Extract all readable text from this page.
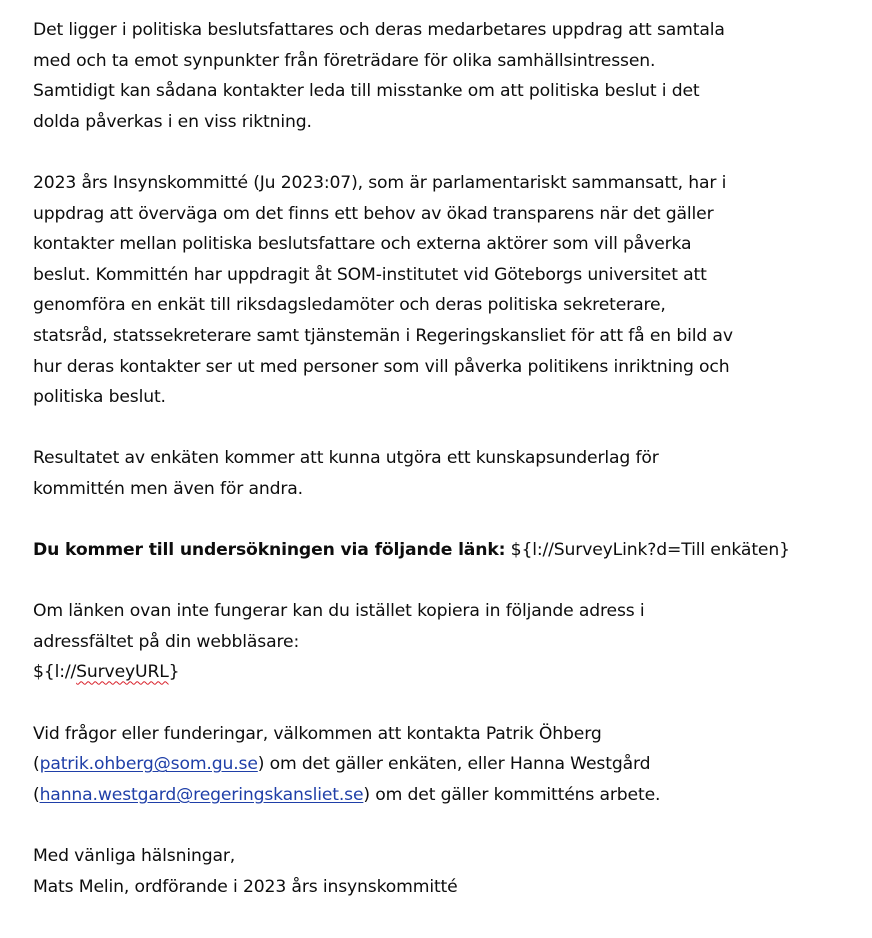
Det ligger i politiska beslutsfattares och deras medarbetares uppdrag att samtala
med och ta emot synpunkter från företrädare för olika samhällsintressen.
Samtidigt kan sådana kontakter leda till misstanke om att politiska beslut i det
dolda påverkas i en viss riktning.

2023 års Insynskommitté (Ju 2023:07), som är parlamentariskt sammansatt, har i
uppdrag att överväga om det finns ett behov av ökad transparens när det gäller
kontakter mellan politiska beslutsfattare och externa aktörer som vill påverka
beslut. Kommittén har uppdragit åt SOM-institutet vid Göteborgs universitet att
genomföra en enkät till riksdagsledamöter och deras politiska sekreterare,
statsråd, statssekreterare samt tjänstemän i Regeringskansliet för att få en bild av
hur deras kontakter ser ut med personer som vill påverka politikens inriktning och
politiska beslut.

Resultatet av enkäten kommer att kunna utgöra ett kunskapsunderlag för
kommittén men även för andra.

Du kommer till undersökningen via följande länk: ${l://SurveyLink?d=Till enkäten}

Om länken ovan inte fungerar kan du istället kopiera in följande adress i
adressfältet på din webbläsare:
${l://SurveyURL}

Vid frågor eller funderingar, välkommen att kontakta Patrik Öhberg
(patrik.ohberg@som.gu.se) om det gäller enkäten, eller Hanna Westgård
(hanna.westgard@regeringskansliet.se) om det gäller kommitténs arbete.

Med vänliga hälsningar,
Mats Melin, ordförande i 2023 års insynskommitté
